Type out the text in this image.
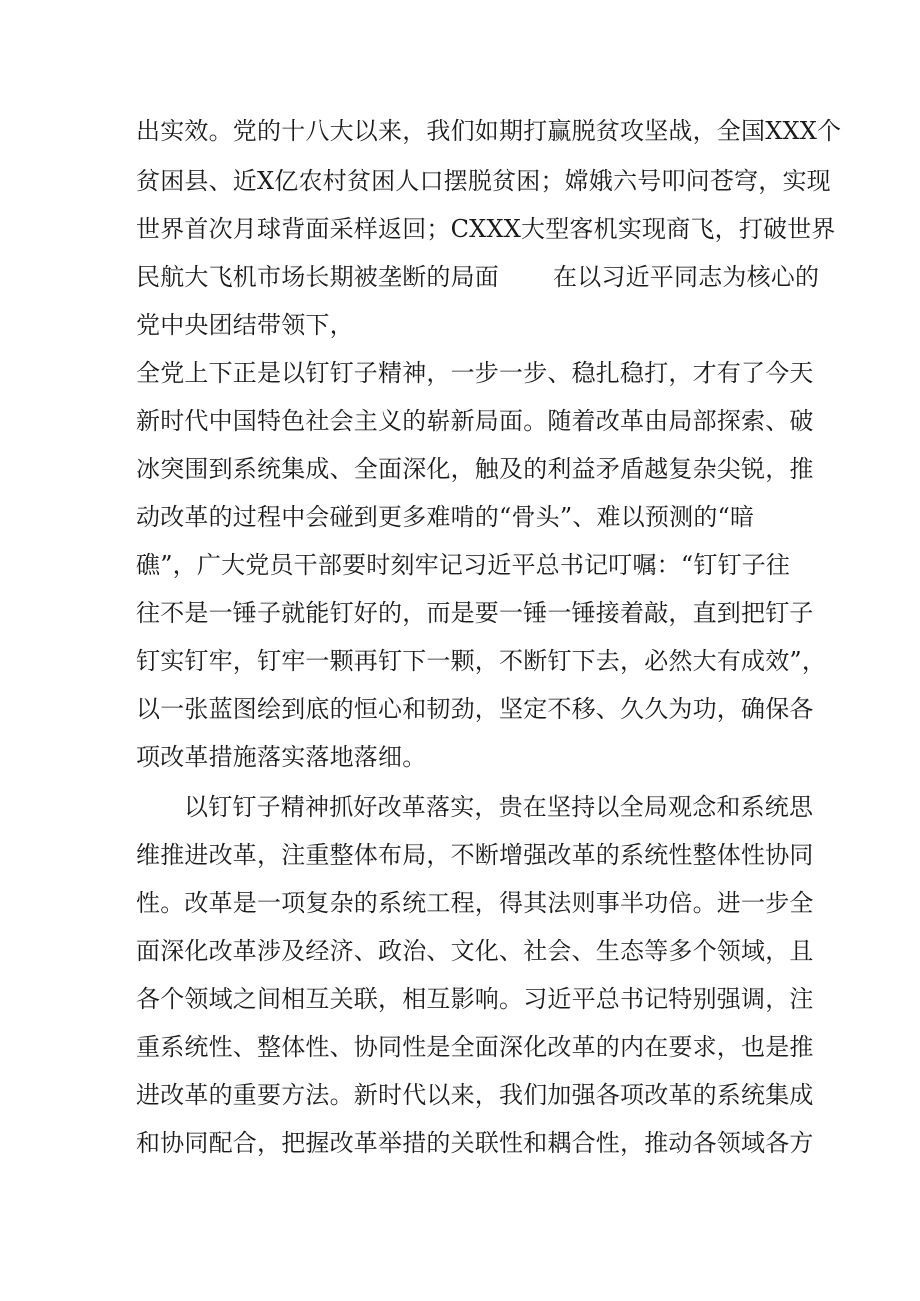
出实效。党的十八大以来，我们如期打赢脱贫攻坚战，全国XXX个
贫困县、近X亿农村贫困人口摆脱贫困；嫦娥六号叩问苍穹，实现
世界首次月球背面采样返回；CXXX大型客机实现商飞，打破世界
民航大飞机市场长期被垄断的局面 在以习近平同志为核心的
党中央团结带领下，
全党上下正是以钉钉子精神，一步一步、稳扎稳打，才有了今天
新时代中国特色社会主义的崭新局面。随着改革由局部探索、破
冰突围到系统集成、全面深化，触及的利益矛盾越复杂尖锐，推
动改革的过程中会碰到更多难啃的“骨头”、难以预测的“暗
礁”，广大党员干部要时刻牢记习近平总书记叮嘱：“钉钉子往
往不是一锤子就能钉好的，而是要一锤一锤接着敲，直到把钉子
钉实钉牢，钉牢一颗再钉下一颗，不断钉下去，必然大有成效”，
以一张蓝图绘到底的恒心和韧劲，坚定不移、久久为功，确保各
项改革措施落实落地落细。
以钉钉子精神抓好改革落实，贵在坚持以全局观念和系统思
维推进改革，注重整体布局，不断增强改革的系统性整体性协同
性。改革是一项复杂的系统工程，得其法则事半功倍。进一步全
面深化改革涉及经济、政治、文化、社会、生态等多个领域，且
各个领域之间相互关联，相互影响。习近平总书记特别强调，注
重系统性、整体性、协同性是全面深化改革的内在要求，也是推
进改革的重要方法。新时代以来，我们加强各项改革的系统集成
和协同配合，把握改革举措的关联性和耦合性，推动各领域各方
